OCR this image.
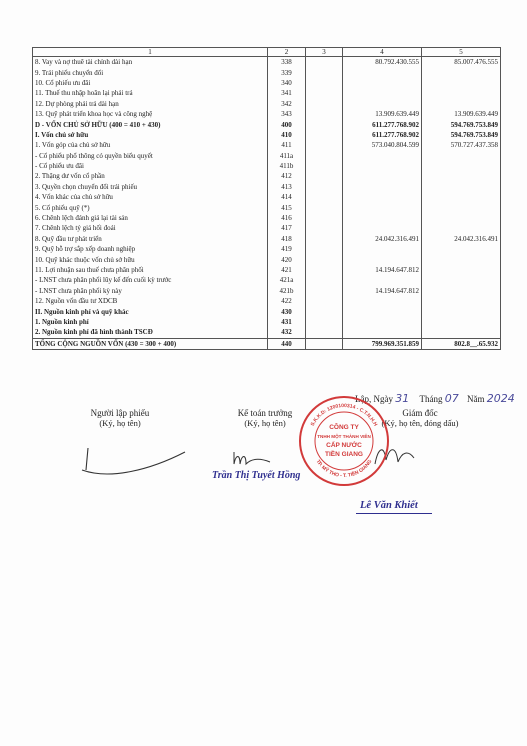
1	2	3	4	5
8. Vay và nợ thuê tài chính dài hạn	338		80.792.430.555	85.007.476.555
9. Trái phiếu chuyển đổi	339			
10. Cổ phiếu ưu đãi	340			
11. Thuế thu nhập hoãn lại phải trả	341			
12. Dự phòng phải trả dài hạn	342			
13. Quỹ phát triển khoa học và công nghệ	343		13.909.639.449	13.909.639.449
D - VỐN CHỦ SỞ HỮU (400 = 410 + 430)	400		611.277.768.902	594.769.753.849
I. Vốn chủ sở hữu	410		611.277.768.902	594.769.753.849
1. Vốn góp của chủ sở hữu	411		573.040.804.599	570.727.437.358
- Cổ phiếu phổ thông có quyền biểu quyết	411a			
- Cổ phiếu ưu đãi	411b			
2. Thặng dư vốn cổ phần	412			
3. Quyền chọn chuyển đổi trái phiếu	413			
4. Vốn khác của chủ sở hữu	414			
5. Cổ phiếu quỹ (*)	415			
6. Chênh lệch đánh giá lại tài sản	416			
7. Chênh lệch tỷ giá hối đoái	417			
8. Quỹ đầu tư phát triển	418		24.042.316.491	24.042.316.491
9. Quỹ hỗ trợ sắp xếp doanh nghiệp	419			
10. Quỹ khác thuộc vốn chủ sở hữu	420			
11. Lợi nhuận sau thuế chưa phân phối	421		14.194.647.812	
- LNST chưa phân phối lũy kế đến cuối kỳ trước	421a			
- LNST chưa phân phối kỳ này	421b		14.194.647.812	
12. Nguồn vốn đầu tư XDCB	422			
II. Nguồn kinh phí và quỹ khác	430			
1. Nguồn kinh phí	431			
2. Nguồn kinh phí đã hình thành TSCĐ	432			
TỔNG CỘNG NGUỒN VỐN (430 = 300 + 400)	440		799.969.351.859	802.8__.65.932
Lập, Ngày 31 Tháng 07 Năm 2024
Người lập phiếu
(Ký, họ tên)
Kế toán trưởng
(Ký, họ tên)
Trần Thị Tuyết Hồng
Giám đốc
(Ký, họ tên, đóng dấu)
Lê Văn Khiết
S.K.K.D: 1200100314 - C.T.N.H.H
TP. MỸ THO - T. TIỀN GIANG
CÔNG TY
TNHH MỘT THÀNH VIÊN
CẤP NƯỚC
TIỀN GIANG
